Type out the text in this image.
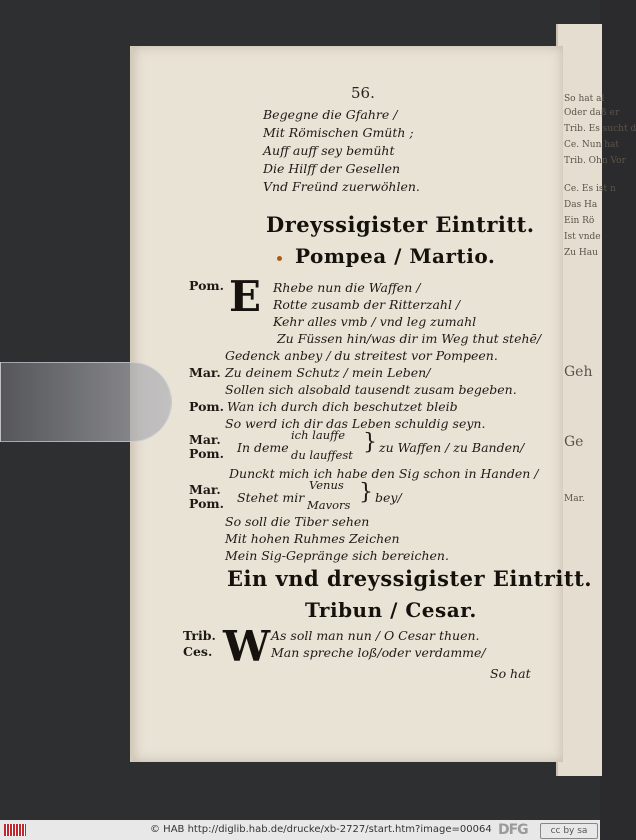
So hat al
Oder daß er
Trib. Es sucht d
Ce. Nun hat
Trib. Ohn Vor
Ce. Es ist n
Das Ha
Ein Rö
Ist vnde
Zu Hau
Geh
Ge
Mar.
56.
Begegne die Gfahre /
Mit Römischen Gmüth ;
Auff auff sey bemüht
Die Hilff der Gesellen
Vnd Freünd zuerwöhlen.
Dreyssigister Eintritt.
Pompea / Martio.
Pom. E Rhebe nun die Waffen /
Rotte zusamb der Ritterzahl /
Kehr alles vmb / vnd leg zumahl
Zu Füssen hin/was dir im Weg thut stehē/
Gedenck anbey / du streitest vor Pompeen.
Mar. Zu deinem Schutz / mein Leben/
Sollen sich alsobald tausendt zusam begeben.
Pom. Wan ich durch dich beschutzet bleib
So werd ich dir das Leben schuldig seyn.
Mar.
Pom.
ich lauffe
In deme du lauffest } zu Waffen / zu Banden/
Dunckt mich ich habe den Sig schon in Handen /
Mar.
Pom.
Venus
Stehet mir Mavors } bey/
So soll die Tiber sehen
Mit hohen Ruhmes Zeichen
Mein Sig-Gepränge sich bereichen.
Ein vnd dreyssigister Eintritt.
Tribun / Cesar.
Trib.
Ces. W As soll man nun / O Cesar thuen.
Man spreche loß/oder verdamme/
So hat
© HAB http://diglib.hab.de/drucke/xb-2727/start.htm?image=00064 DFG	cc by sa
